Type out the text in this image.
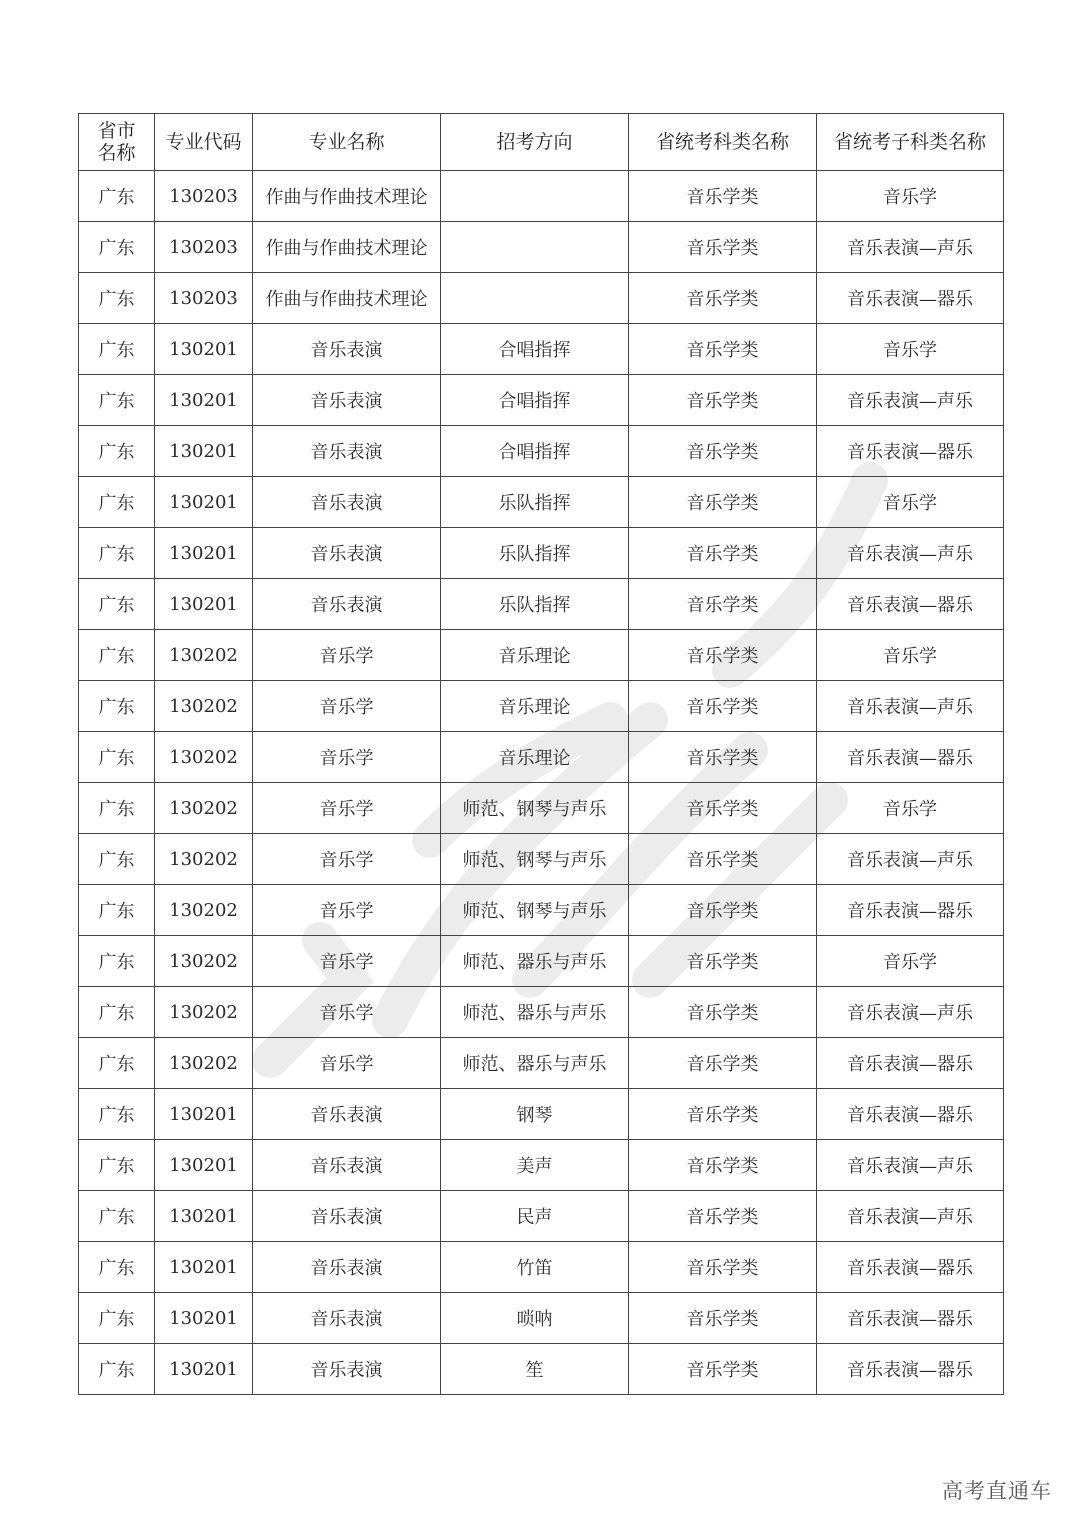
省市
名称	专业代码	专业名称	招考方向	省统考科类名称	省统考子科类名称
广东	130203	作曲与作曲技术理论		音乐学类	音乐学
广东	130203	作曲与作曲技术理论		音乐学类	音乐表演—声乐
广东	130203	作曲与作曲技术理论		音乐学类	音乐表演—器乐
广东	130201	音乐表演	合唱指挥	音乐学类	音乐学
广东	130201	音乐表演	合唱指挥	音乐学类	音乐表演—声乐
广东	130201	音乐表演	合唱指挥	音乐学类	音乐表演—器乐
广东	130201	音乐表演	乐队指挥	音乐学类	音乐学
广东	130201	音乐表演	乐队指挥	音乐学类	音乐表演—声乐
广东	130201	音乐表演	乐队指挥	音乐学类	音乐表演—器乐
广东	130202	音乐学	音乐理论	音乐学类	音乐学
广东	130202	音乐学	音乐理论	音乐学类	音乐表演—声乐
广东	130202	音乐学	音乐理论	音乐学类	音乐表演—器乐
广东	130202	音乐学	师范、钢琴与声乐	音乐学类	音乐学
广东	130202	音乐学	师范、钢琴与声乐	音乐学类	音乐表演—声乐
广东	130202	音乐学	师范、钢琴与声乐	音乐学类	音乐表演—器乐
广东	130202	音乐学	师范、器乐与声乐	音乐学类	音乐学
广东	130202	音乐学	师范、器乐与声乐	音乐学类	音乐表演—声乐
广东	130202	音乐学	师范、器乐与声乐	音乐学类	音乐表演—器乐
广东	130201	音乐表演	钢琴	音乐学类	音乐表演—器乐
广东	130201	音乐表演	美声	音乐学类	音乐表演—声乐
广东	130201	音乐表演	民声	音乐学类	音乐表演—声乐
广东	130201	音乐表演	竹笛	音乐学类	音乐表演—器乐
广东	130201	音乐表演	唢呐	音乐学类	音乐表演—器乐
广东	130201	音乐表演	笙	音乐学类	音乐表演—器乐
高考直通车
